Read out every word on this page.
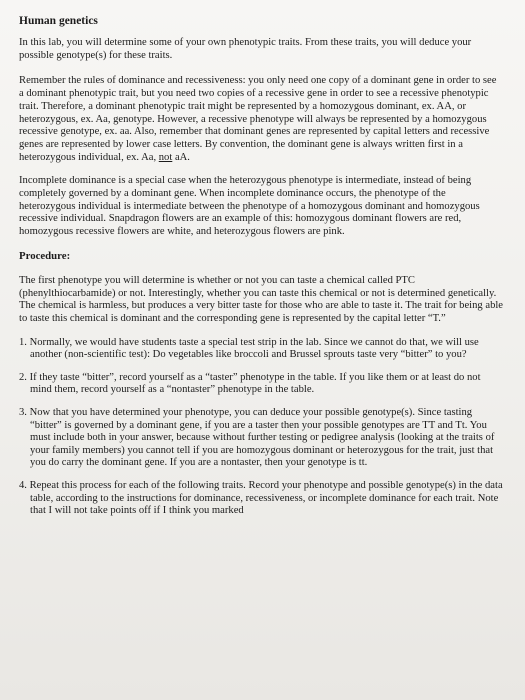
Human genetics

In this lab, you will determine some of your own phenotypic traits. From these traits, you will deduce your possible genotype(s) for these traits.

Remember the rules of dominance and recessiveness: you only need one copy of a dominant gene in order to see a dominant phenotypic trait, but you need two copies of a recessive gene in order to see a recessive phenotypic trait. Therefore, a dominant phenotypic trait might be represented by a homozygous dominant, ex. AA, or heterozygous, ex. Aa, genotype. However, a recessive phenotype will always be represented by a homozygous recessive genotype, ex. aa. Also, remember that dominant genes are represented by capital letters and recessive genes are represented by lower case letters. By convention, the dominant gene is always written first in a heterozygous individual, ex. Aa, not aA.

Incomplete dominance is a special case when the heterozygous phenotype is intermediate, instead of being completely governed by a dominant gene. When incomplete dominance occurs, the phenotype of the heterozygous individual is intermediate between the phenotype of a homozygous dominant and homozygous recessive individual. Snapdragon flowers are an example of this: homozygous dominant flowers are red, homozygous recessive flowers are white, and heterozygous flowers are pink.

Procedure:

The first phenotype you will determine is whether or not you can taste a chemical called PTC (phenylthiocarbamide) or not. Interestingly, whether you can taste this chemical or not is determined genetically. The chemical is harmless, but produces a very bitter taste for those who are able to taste it. The trait for being able to taste this chemical is dominant and the corresponding gene is represented by the capital letter “T.”

1. Normally, we would have students taste a special test strip in the lab. Since we cannot do that, we will use another (non-scientific test): Do vegetables like broccoli and Brussel sprouts taste very “bitter” to you?
2. If they taste “bitter”, record yourself as a “taster” phenotype in the table. If you like them or at least do not mind them, record yourself as a “nontaster” phenotype in the table.
3. Now that you have determined your phenotype, you can deduce your possible genotype(s). Since tasting “bitter” is governed by a dominant gene, if you are a taster then your possible genotypes are TT and Tt. You must include both in your answer, because without further testing or pedigree analysis (looking at the traits of your family members) you cannot tell if you are homozygous dominant or heterozygous for the trait, just that you do carry the dominant gene. If you are a nontaster, then your genotype is tt.
4. Repeat this process for each of the following traits. Record your phenotype and possible genotype(s) in the data table, according to the instructions for dominance, recessiveness, or incomplete dominance for each trait. Note that I will not take points off if I think you marked
